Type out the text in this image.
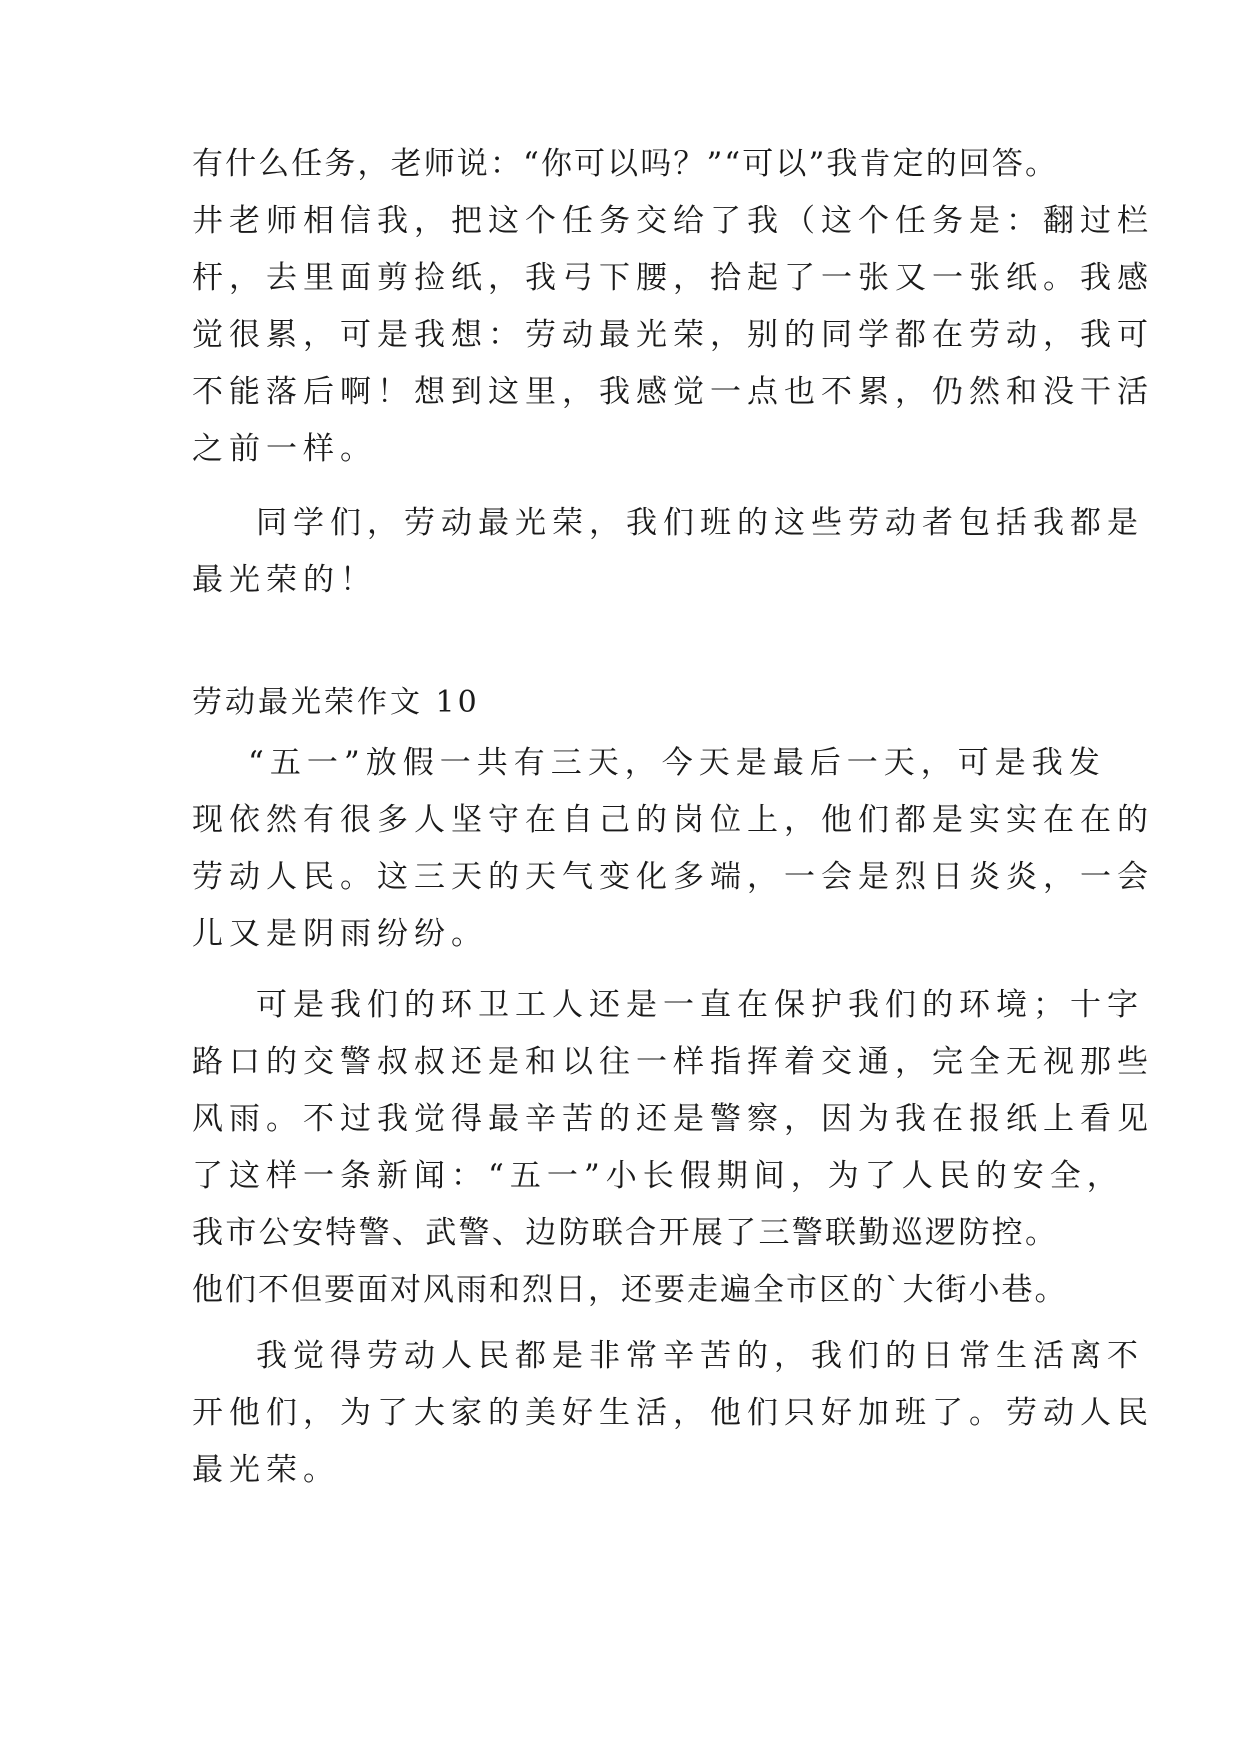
有什么任务，老师说：“你可以吗？”“可以”我肯定的回答。
井老师相信我，把这个任务交给了我（这个任务是：翻过栏
杆，去里面剪捡纸，我弓下腰，拾起了一张又一张纸。我感
觉很累，可是我想：劳动最光荣，别的同学都在劳动，我可
不能落后啊！想到这里，我感觉一点也不累，仍然和没干活
之前一样。
同学们，劳动最光荣，我们班的这些劳动者包括我都是
最光荣的！
劳动最光荣作文 10
“五一”放假一共有三天，今天是最后一天，可是我发
现依然有很多人坚守在自己的岗位上，他们都是实实在在的
劳动人民。这三天的天气变化多端，一会是烈日炎炎，一会
儿又是阴雨纷纷。
可是我们的环卫工人还是一直在保护我们的环境；十字
路口的交警叔叔还是和以往一样指挥着交通，完全无视那些
风雨。不过我觉得最辛苦的还是警察，因为我在报纸上看见
了这样一条新闻：“五一”小长假期间，为了人民的安全，
我市公安特警、武警、边防联合开展了三警联勤巡逻防控。
他们不但要面对风雨和烈日，还要走遍全市区的`大街小巷。
我觉得劳动人民都是非常辛苦的，我们的日常生活离不
开他们，为了大家的美好生活，他们只好加班了。劳动人民
最光荣。
